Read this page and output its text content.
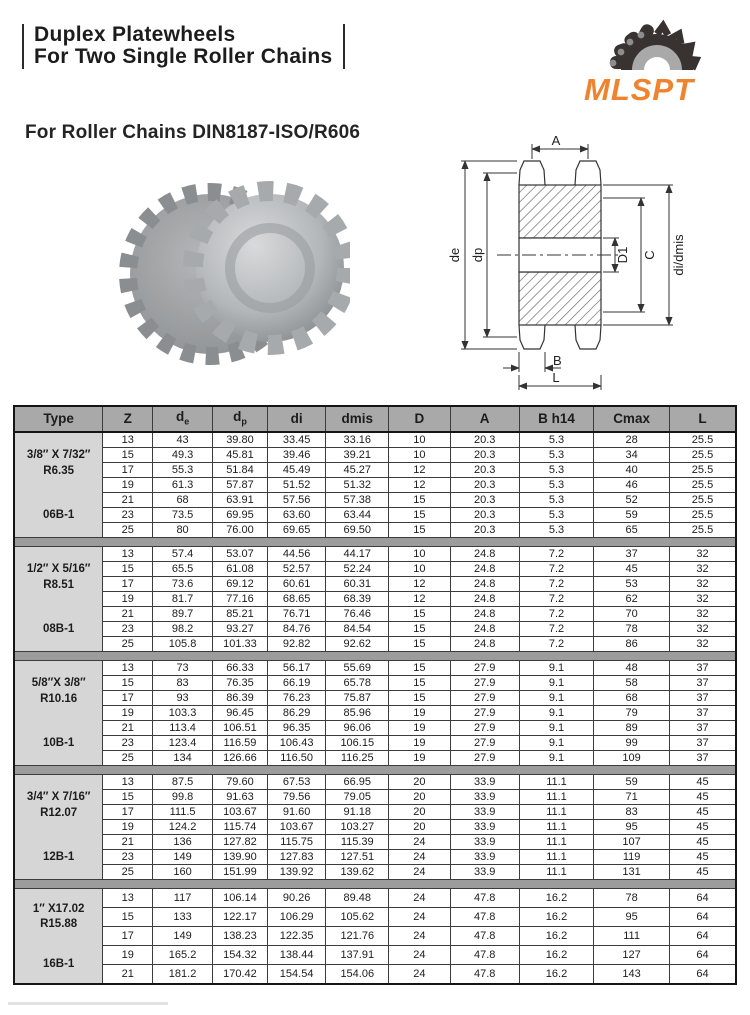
Duplex Platewheels
For Two Single Roller Chains
MLSPT
For Roller Chains DIN8187-ISO/R606	A
de dp	D1 C di/dmis
B
L
Type	Z	$d_e$	$d_p$	di	dmis	D	A	B h14	Cmax	L

3/8″ X 7/32″
R6.35
06B-1	13	43	39.80	33.45	33.16	10	20.3	5.3	28	25.5
	15	49.3	45.81	39.46	39.21	10	20.3	5.3	34	25.5
	17	55.3	51.84	45.49	45.27	12	20.3	5.3	40	25.5
	19	61.3	57.87	51.52	51.32	12	20.3	5.3	46	25.5
	21	68	63.91	57.56	57.38	15	20.3	5.3	52	25.5
	23	73.5	69.95	63.60	63.44	15	20.3	5.3	59	25.5
	25	80	76.00	69.65	69.50	15	20.3	5.3	65	25.5

1/2″ X 5/16″
R8.51
08B-1	13	57.4	53.07	44.56	44.17	10	24.8	7.2	37	32
	15	65.5	61.08	52.57	52.24	10	24.8	7.2	45	32
	17	73.6	69.12	60.61	60.31	12	24.8	7.2	53	32
	19	81.7	77.16	68.65	68.39	12	24.8	7.2	62	32
	21	89.7	85.21	76.71	76.46	15	24.8	7.2	70	32
	23	98.2	93.27	84.76	84.54	15	24.8	7.2	78	32
	25	105.8	101.33	92.82	92.62	15	24.8	7.2	86	32

5/8″X 3/8″
R10.16
10B-1	13	73	66.33	56.17	55.69	15	27.9	9.1	48	37
	15	83	76.35	66.19	65.78	15	27.9	9.1	58	37
	17	93	86.39	76.23	75.87	15	27.9	9.1	68	37
	19	103.3	96.45	86.29	85.96	19	27.9	9.1	79	37
	21	113.4	106.51	96.35	96.06	19	27.9	9.1	89	37
	23	123.4	116.59	106.43	106.15	19	27.9	9.1	99	37
	25	134	126.66	116.50	116.25	19	27.9	9.1	109	37

3/4″ X 7/16″
R12.07
12B-1	13	87.5	79.60	67.53	66.95	20	33.9	11.1	59	45
	15	99.8	91.63	79.56	79.05	20	33.9	11.1	71	45
	17	111.5	103.67	91.60	91.18	20	33.9	11.1	83	45
	19	124.2	115.74	103.67	103.27	20	33.9	11.1	95	45
	21	136	127.82	115.75	115.39	24	33.9	11.1	107	45
	23	149	139.90	127.83	127.51	24	33.9	11.1	119	45
	25	160	151.99	139.92	139.62	24	33.9	11.1	131	45

1″ X17.02
R15.88
16B-1	13	117	106.14	90.26	89.48	24	47.8	16.2	78	64
	15	133	122.17	106.29	105.62	24	47.8	16.2	95	64
	17	149	138.23	122.35	121.76	24	47.8	16.2	111	64
	19	165.2	154.32	138.44	137.91	24	47.8	16.2	127	64
	21	181.2	170.42	154.54	154.06	24	47.8	16.2	143	64
